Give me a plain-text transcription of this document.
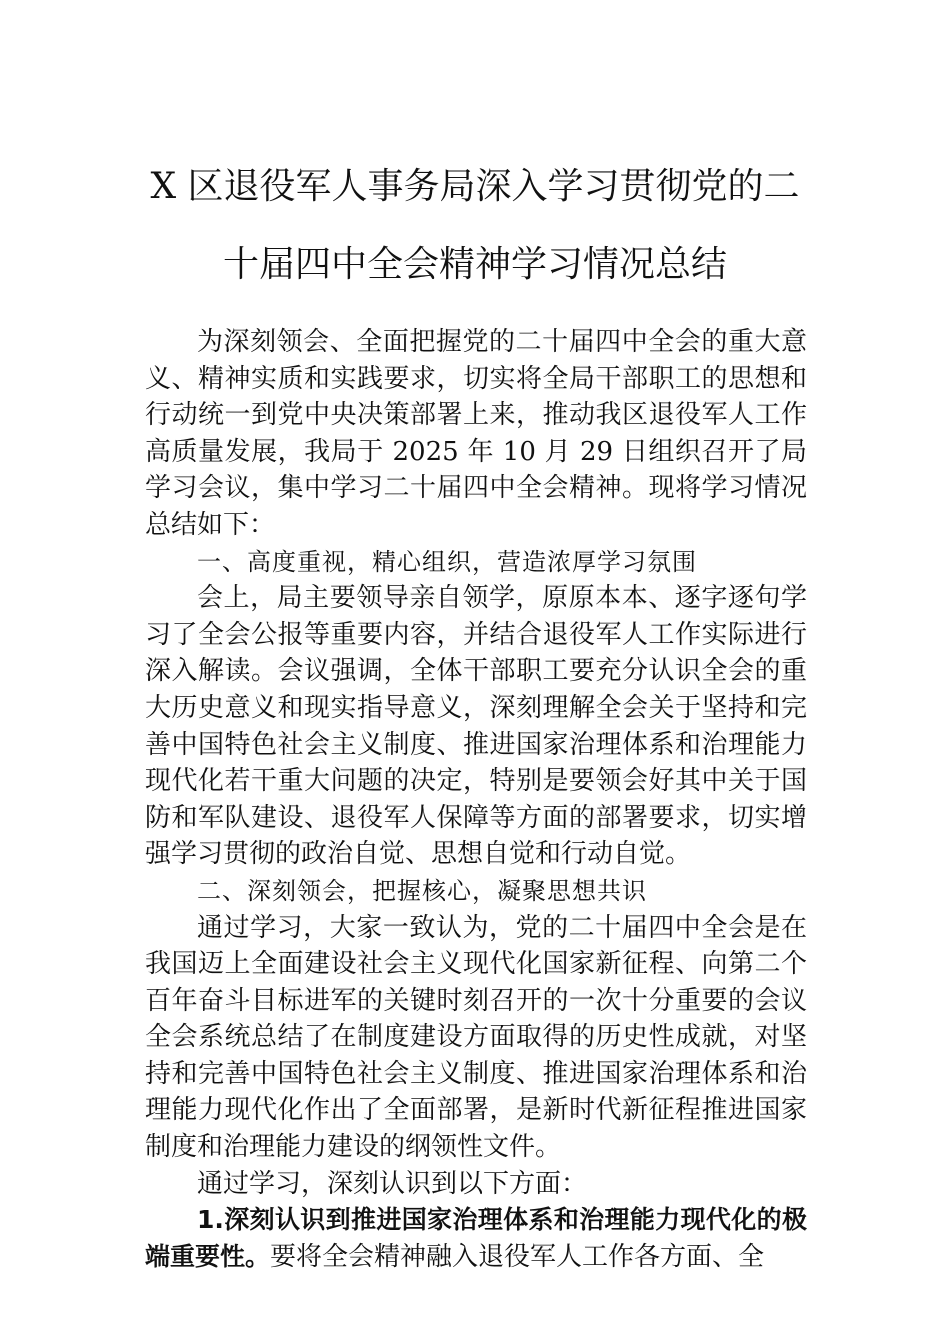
X 区退役军人事务局深入学习贯彻党的二
十届四中全会精神学习情况总结

为深刻领会、全面把握党的二十届四中全会的重大意义、精神实质和实践要求，切实将全局干部职工的思想和行动统一到党中央决策部署上来，推动我区退役军人工作高质量发展，我局于 2025 年 10 月 29 日组织召开了局学习会议，集中学习二十届四中全会精神。现将学习情况总结如下：

一、高度重视，精心组织，营造浓厚学习氛围

会上，局主要领导亲自领学，原原本本、逐字逐句学习了全会公报等重要内容，并结合退役军人工作实际进行深入解读。会议强调，全体干部职工要充分认识全会的重大历史意义和现实指导意义，深刻理解全会关于坚持和完善中国特色社会主义制度、推进国家治理体系和治理能力现代化若干重大问题的决定，特别是要领会好其中关于国防和军队建设、退役军人保障等方面的部署要求，切实增强学习贯彻的政治自觉、思想自觉和行动自觉。

二、深刻领会，把握核心，凝聚思想共识

通过学习，大家一致认为，党的二十届四中全会是在我国迈上全面建设社会主义现代化国家新征程、向第二个百年奋斗目标进军的关键时刻召开的一次十分重要的会议全会系统总结了在制度建设方面取得的历史性成就，对坚持和完善中国特色社会主义制度、推进国家治理体系和治理能力现代化作出了全面部署，是新时代新征程推进国家制度和治理能力建设的纲领性文件。

通过学习，深刻认识到以下方面：

1.深刻认识到推进国家治理体系和治理能力现代化的极端重要性。要将全会精神融入退役军人工作各方面、全
